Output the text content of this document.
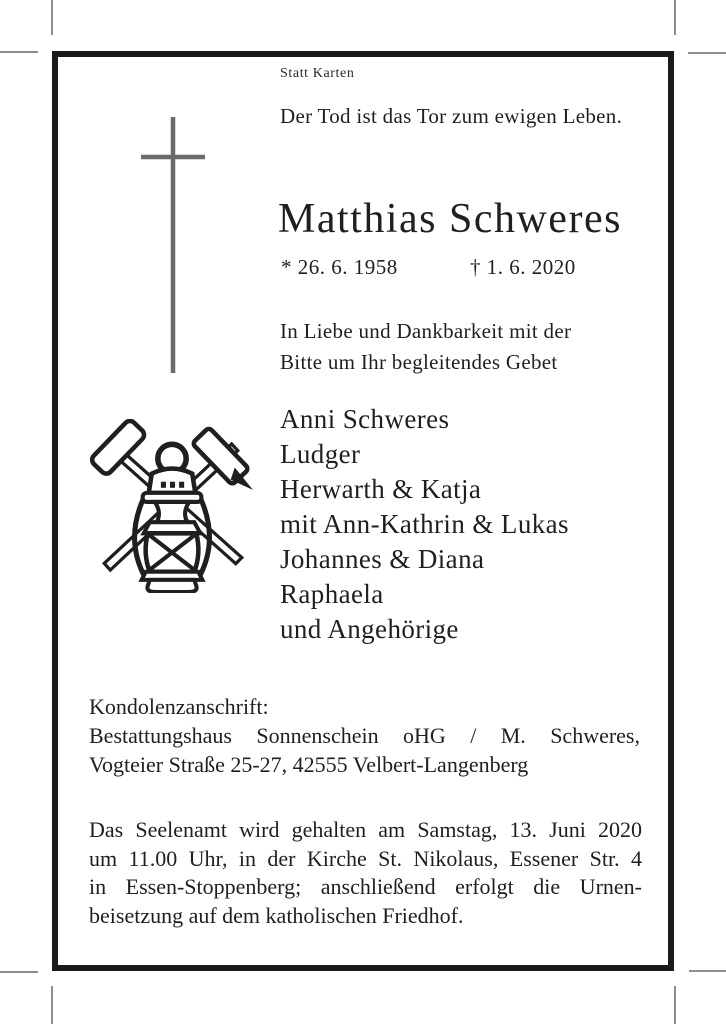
Statt Karten
Der Tod ist das Tor zum ewigen Leben.
Matthias Schweres
* 26. 6. 1958	† 1. 6. 2020
In Liebe und Dankbarkeit mit der
Bitte um Ihr begleitendes Gebet
Anni Schweres
Ludger
Herwarth & Katja
mit Ann-Kathrin & Lukas
Johannes & Diana
Raphaela
und Angehörige
Kondolenzanschrift:
Bestattungshaus Sonnenschein oHG / M. Schweres,
Vogteier Straße 25-27, 42555 Velbert-Langenberg
Das Seelenamt wird gehalten am Samstag, 13. Juni 2020
um 11.00 Uhr, in der Kirche St. Nikolaus, Essener Str. 4
in Essen-Stoppenberg; anschließend erfolgt die Urnen-
beisetzung auf dem katholischen Friedhof.
